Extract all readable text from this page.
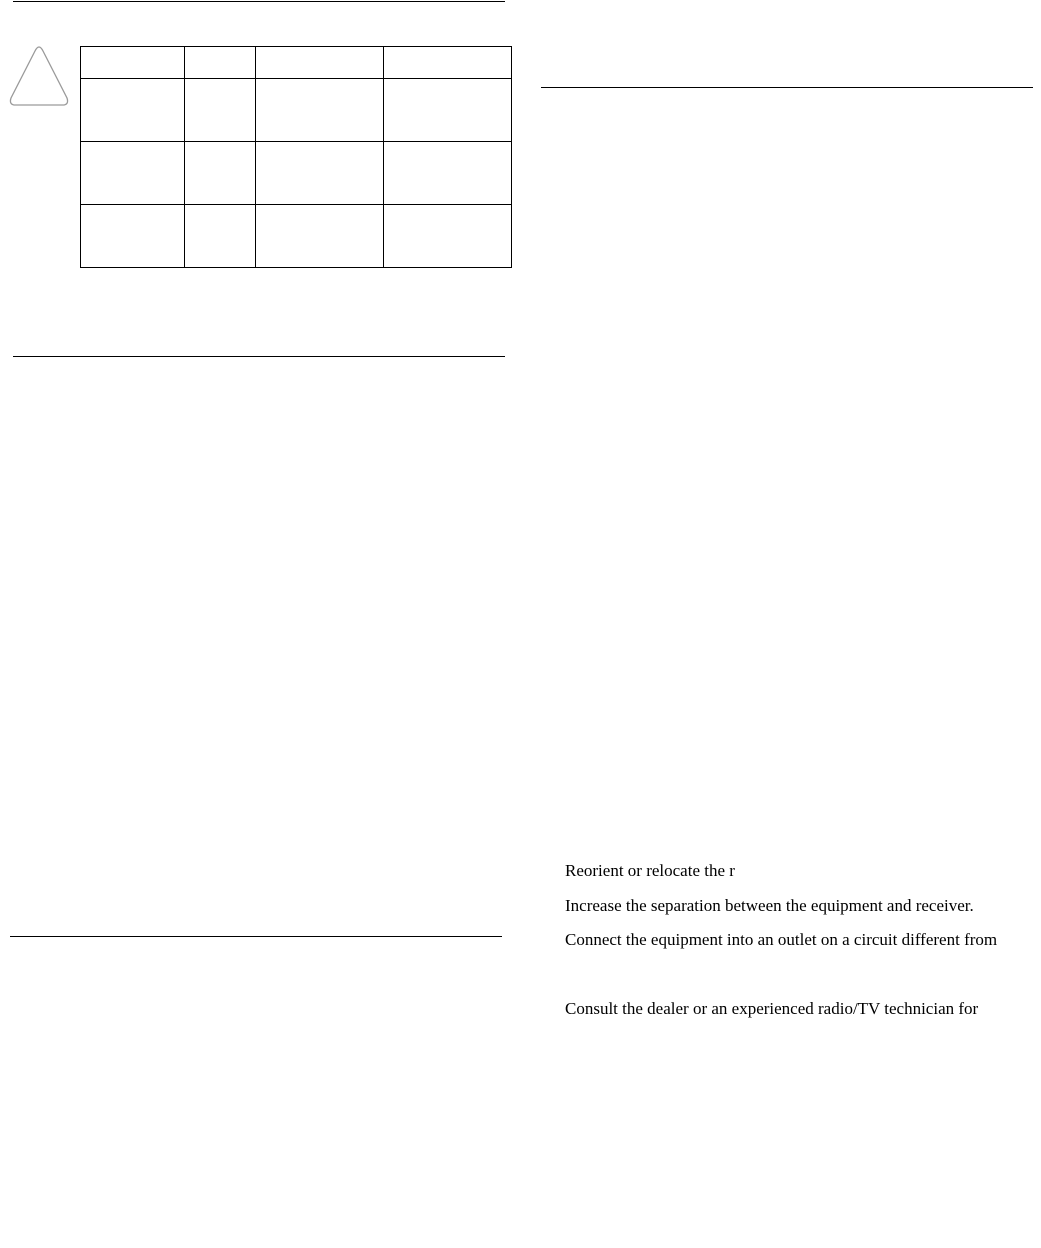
Reorient or relocate the r
Increase the separation between the equipment and receiver.
Connect the equipment into an outlet on a circuit different from
Consult the dealer or an experienced radio/TV technician for
